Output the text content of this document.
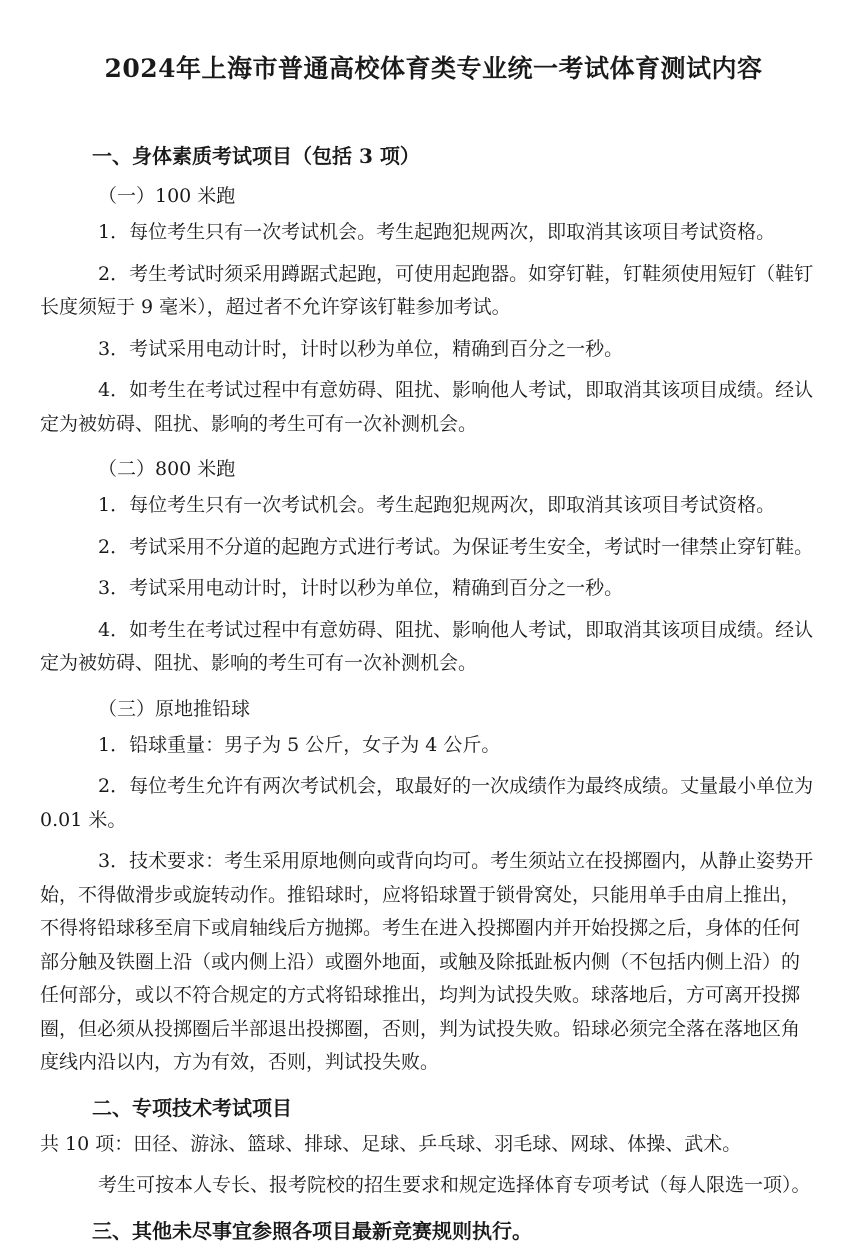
2024年上海市普通高校体育类专业统一考试体育测试内容
一、身体素质考试项目（包括 3 项）
（一）100 米跑
1．每位考生只有一次考试机会。考生起跑犯规两次，即取消其该项目考试资格。
2．考生考试时须采用蹲踞式起跑，可使用起跑器。如穿钉鞋，钉鞋须使用短钉（鞋钉长度须短于 9 毫米），超过者不允许穿该钉鞋参加考试。
3．考试采用电动计时，计时以秒为单位，精确到百分之一秒。
4．如考生在考试过程中有意妨碍、阻扰、影响他人考试，即取消其该项目成绩。经认定为被妨碍、阻扰、影响的考生可有一次补测机会。
（二）800 米跑
1．每位考生只有一次考试机会。考生起跑犯规两次，即取消其该项目考试资格。
2．考试采用不分道的起跑方式进行考试。为保证考生安全，考试时一律禁止穿钉鞋。
3．考试采用电动计时，计时以秒为单位，精确到百分之一秒。
4．如考生在考试过程中有意妨碍、阻扰、影响他人考试，即取消其该项目成绩。经认定为被妨碍、阻扰、影响的考生可有一次补测机会。
（三）原地推铅球
1．铅球重量：男子为 5 公斤，女子为 4 公斤。
2．每位考生允许有两次考试机会，取最好的一次成绩作为最终成绩。丈量最小单位为 0.01 米。
3．技术要求：考生采用原地侧向或背向均可。考生须站立在投掷圈内，从静止姿势开始，不得做滑步或旋转动作。推铅球时，应将铅球置于锁骨窝处，只能用单手由肩上推出，不得将铅球移至肩下或肩轴线后方抛掷。考生在进入投掷圈内并开始投掷之后，身体的任何部分触及铁圈上沿（或内侧上沿）或圈外地面，或触及除抵趾板内侧（不包括内侧上沿）的任何部分，或以不符合规定的方式将铅球推出，均判为试投失败。球落地后，方可离开投掷圈，但必须从投掷圈后半部退出投掷圈，否则，判为试投失败。铅球必须完全落在落地区角度线内沿以内，方为有效，否则，判试投失败。
二、专项技术考试项目
共 10 项：田径、游泳、篮球、排球、足球、乒乓球、羽毛球、网球、体操、武术。
考生可按本人专长、报考院校的招生要求和规定选择体育专项考试（每人限选一项）。
三、其他未尽事宜参照各项目最新竞赛规则执行。
